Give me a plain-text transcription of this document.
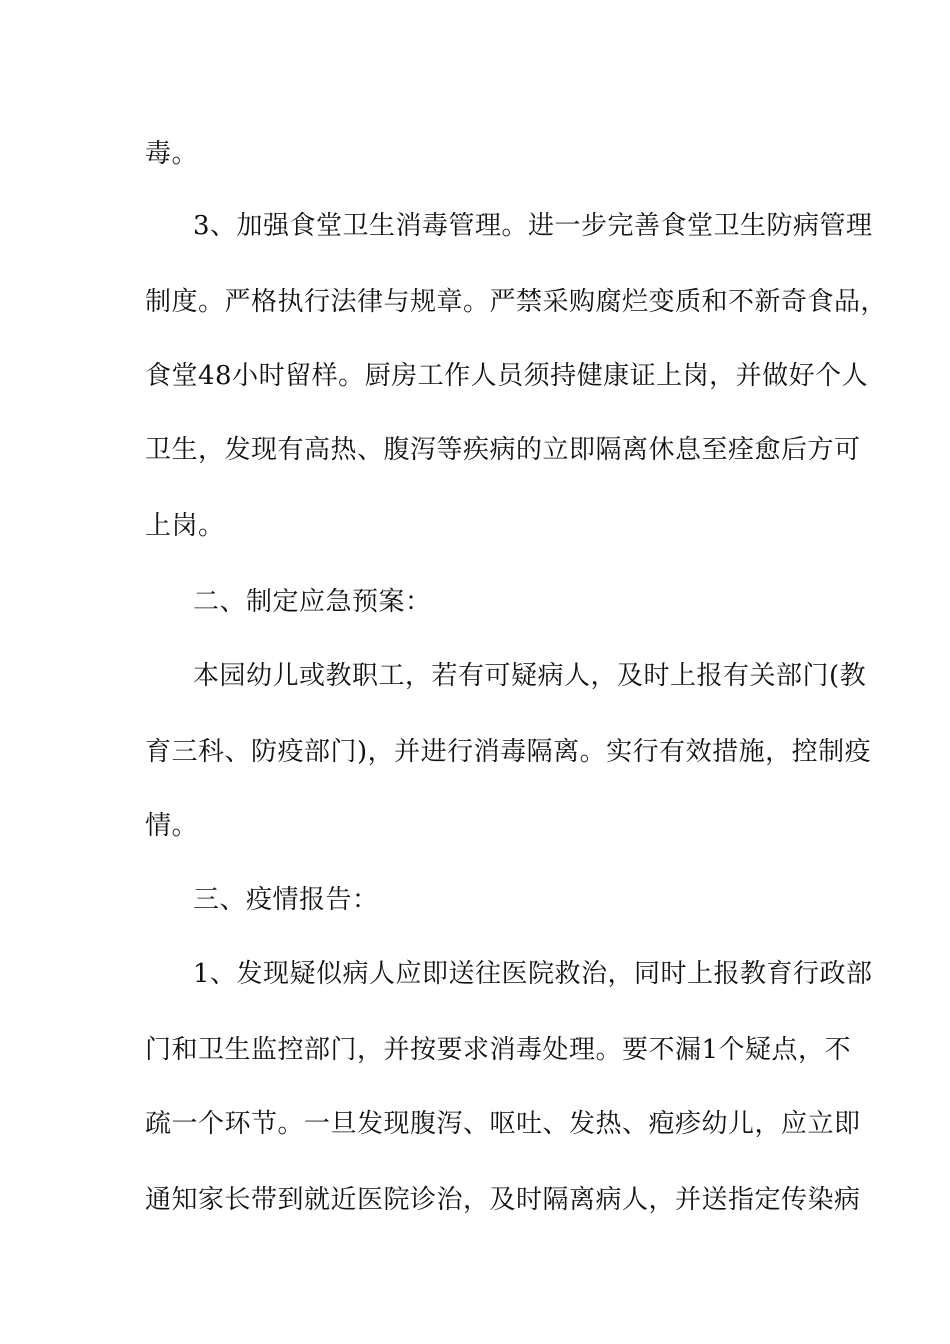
毒。
3、加强食堂卫生消毒管理。进一步完善食堂卫生防病管理
制度。严格执行法律与规章。严禁采购腐烂变质和不新奇食品，
食堂48小时留样。厨房工作人员须持健康证上岗，并做好个人
卫生，发现有高热、腹泻等疾病的立即隔离休息至痊愈后方可
上岗。
二、制定应急预案：
本园幼儿或教职工，若有可疑病人，及时上报有关部门(教
育三科、防疫部门)，并进行消毒隔离。实行有效措施，控制疫
情。
三、疫情报告：
1、发现疑似病人应即送往医院救治，同时上报教育行政部
门和卫生监控部门，并按要求消毒处理。要不漏1个疑点，不
疏一个环节。一旦发现腹泻、呕吐、发热、疱疹幼儿，应立即
通知家长带到就近医院诊治，及时隔离病人，并送指定传染病
